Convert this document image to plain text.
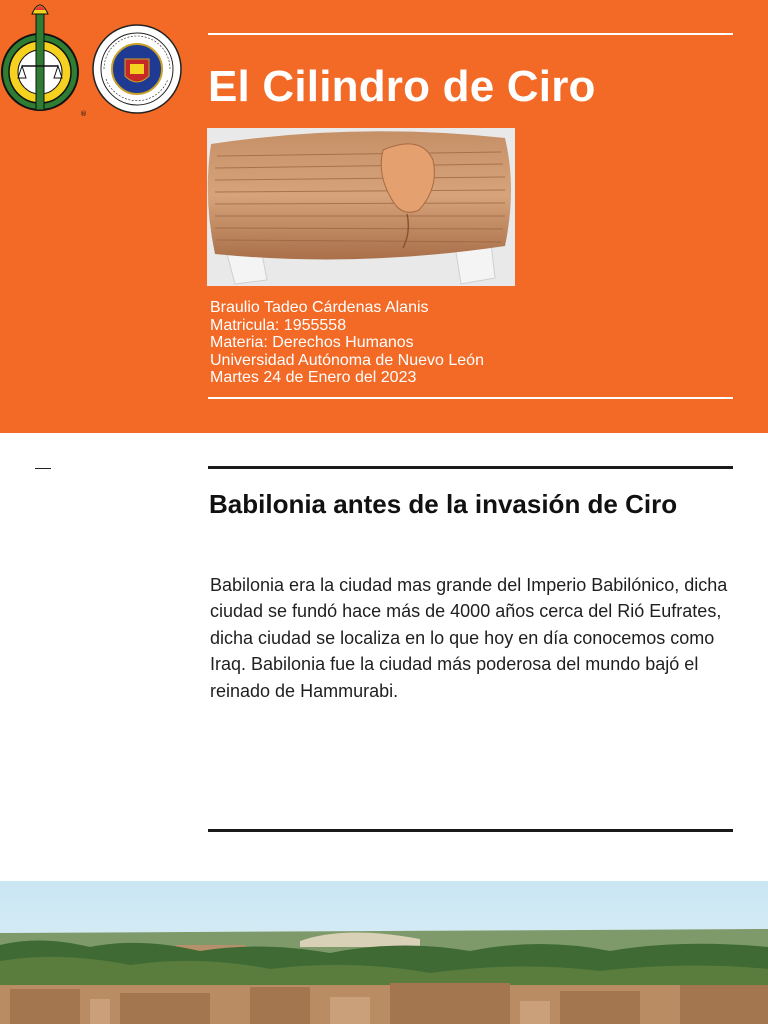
®
El Cilindro de Ciro
Braulio Tadeo Cárdenas Alanis
Matricula: 1955558
Materia: Derechos Humanos
Universidad Autónoma de Nuevo León
Martes 24 de Enero del 2023
Babilonia antes de la invasión de Ciro

Babilonia era la ciudad mas grande del Imperio Babilónico, dicha ciudad se fundó hace más de 4000 años cerca del Rió Eufrates, dicha ciudad se localiza en lo que hoy en día conocemos como Iraq. Babilonia fue la ciudad más poderosa del mundo bajó el reinado de Hammurabi.
